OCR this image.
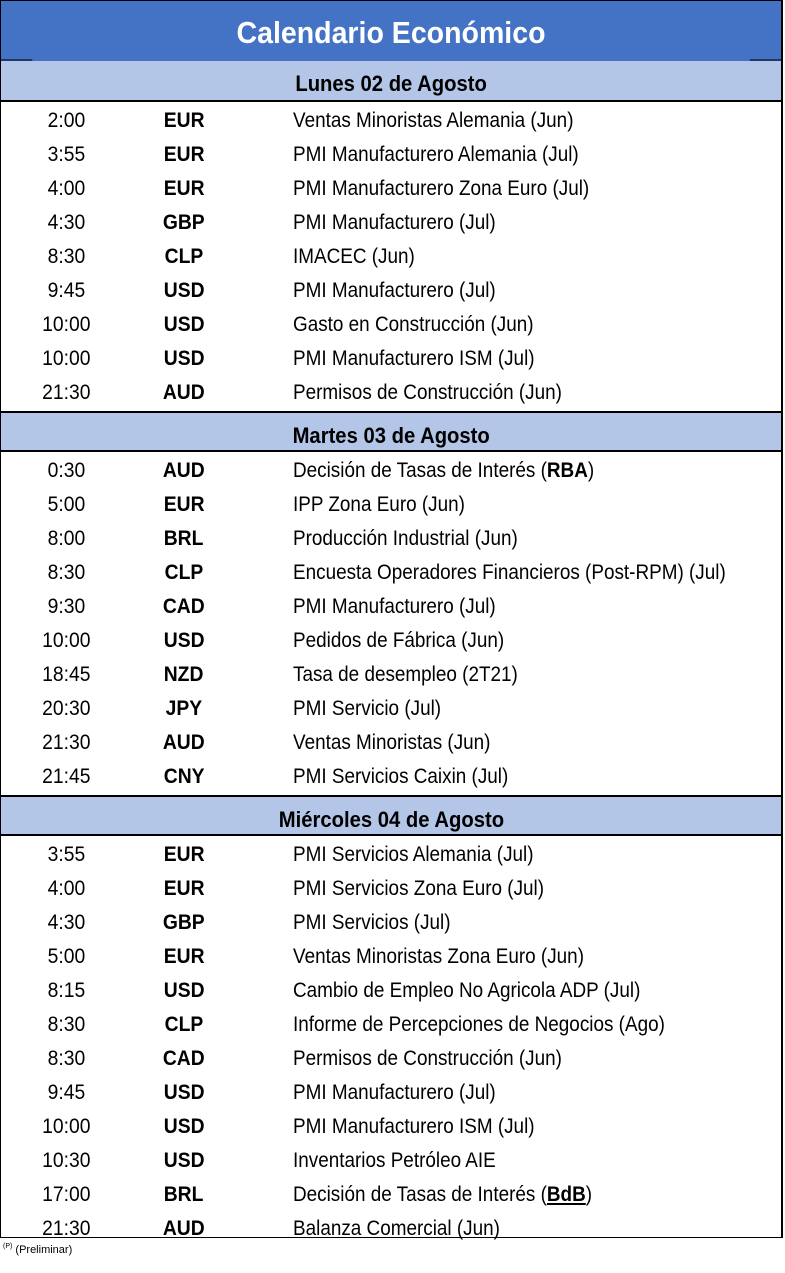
Calendario Económico
Lunes 02 de Agosto
2:00	EUR	Ventas Minoristas Alemania (Jun)
3:55	EUR	PMI Manufacturero Alemania (Jul)
4:00	EUR	PMI Manufacturero Zona Euro (Jul)
4:30	GBP	PMI Manufacturero (Jul)
8:30	CLP	IMACEC (Jun)
9:45	USD	PMI Manufacturero (Jul)
10:00	USD	Gasto en Construcción (Jun)
10:00	USD	PMI Manufacturero ISM (Jul)
21:30	AUD	Permisos de Construcción (Jun)
Martes 03 de Agosto
0:30	AUD	Decisión de Tasas de Interés (RBA)
5:00	EUR	IPP Zona Euro (Jun)
8:00	BRL	Producción Industrial (Jun)
8:30	CLP	Encuesta Operadores Financieros (Post-RPM) (Jul)
9:30	CAD	PMI Manufacturero (Jul)
10:00	USD	Pedidos de Fábrica (Jun)
18:45	NZD	Tasa de desempleo (2T21)
20:30	JPY	PMI Servicio (Jul)
21:30	AUD	Ventas Minoristas (Jun)
21:45	CNY	PMI Servicios Caixin (Jul)
Miércoles 04 de Agosto
3:55	EUR	PMI Servicios Alemania (Jul)
4:00	EUR	PMI Servicios Zona Euro (Jul)
4:30	GBP	PMI Servicios (Jul)
5:00	EUR	Ventas Minoristas Zona Euro (Jun)
8:15	USD	Cambio de Empleo No Agricola ADP (Jul)
8:30	CLP	Informe de Percepciones de Negocios (Ago)
8:30	CAD	Permisos de Construcción (Jun)
9:45	USD	PMI Manufacturero (Jul)
10:00	USD	PMI Manufacturero ISM (Jul)
10:30	USD	Inventarios Petróleo AIE
17:00	BRL	Decisión de Tasas de Interés (BdB)
21:30	AUD	Balanza Comercial (Jun)
$^{(P)}$ (Preliminar)
